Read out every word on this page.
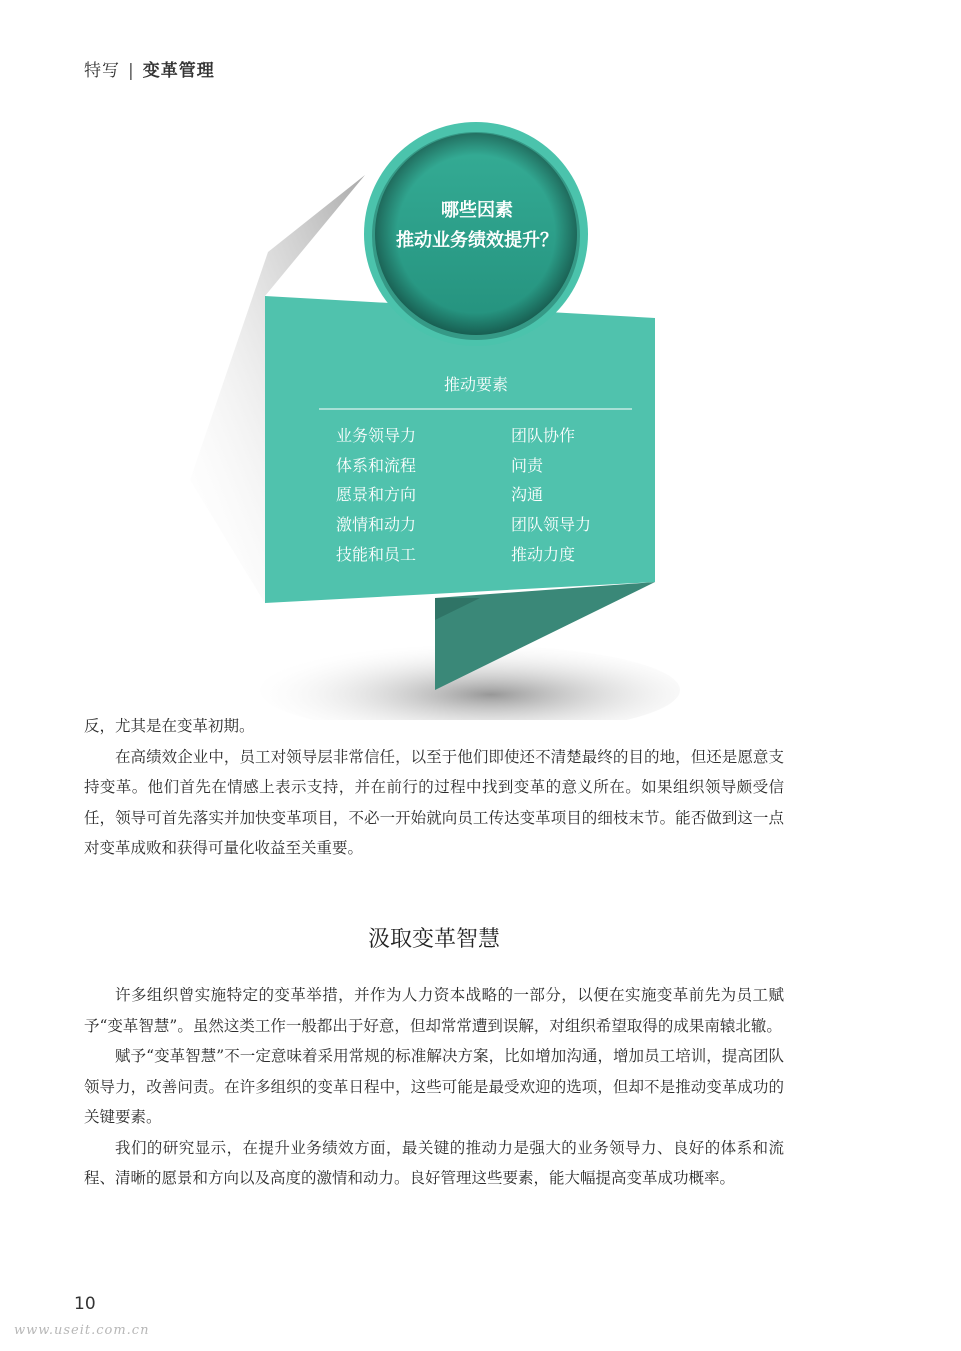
特写 | 变革管理
哪些因素
推动业务绩效提升？
推动要素
业务领导力
体系和流程
愿景和方向
激情和动力
技能和员工
团队协作
问责
沟通
团队领导力
推动力度

反，尤其是在变革初期。

在高绩效企业中，员工对领导层非常信任，以至于他们即使还不清楚最终的目的地，但还是愿意支持变革。他们首先在情感上表示支持，并在前行的过程中找到变革的意义所在。如果组织领导颇受信任，领导可首先落实并加快变革项目，不必一开始就向员工传达变革项目的细枝末节。能否做到这一点对变革成败和获得可量化收益至关重要。

汲取变革智慧

许多组织曾实施特定的变革举措，并作为人力资本战略的一部分，以便在实施变革前先为员工赋予“变革智慧”。虽然这类工作一般都出于好意，但却常常遭到误解，对组织希望取得的成果南辕北辙。

赋予“变革智慧”不一定意味着采用常规的标准解决方案，比如增加沟通，增加员工培训，提高团队领导力，改善问责。在许多组织的变革日程中，这些可能是最受欢迎的选项，但却不是推动变革成功的关键要素。

我们的研究显示，在提升业务绩效方面，最关键的推动力是强大的业务领导力、良好的体系和流程、清晰的愿景和方向以及高度的激情和动力。良好管理这些要素，能大幅提高变革成功概率。

10
www.useit.com.cn
